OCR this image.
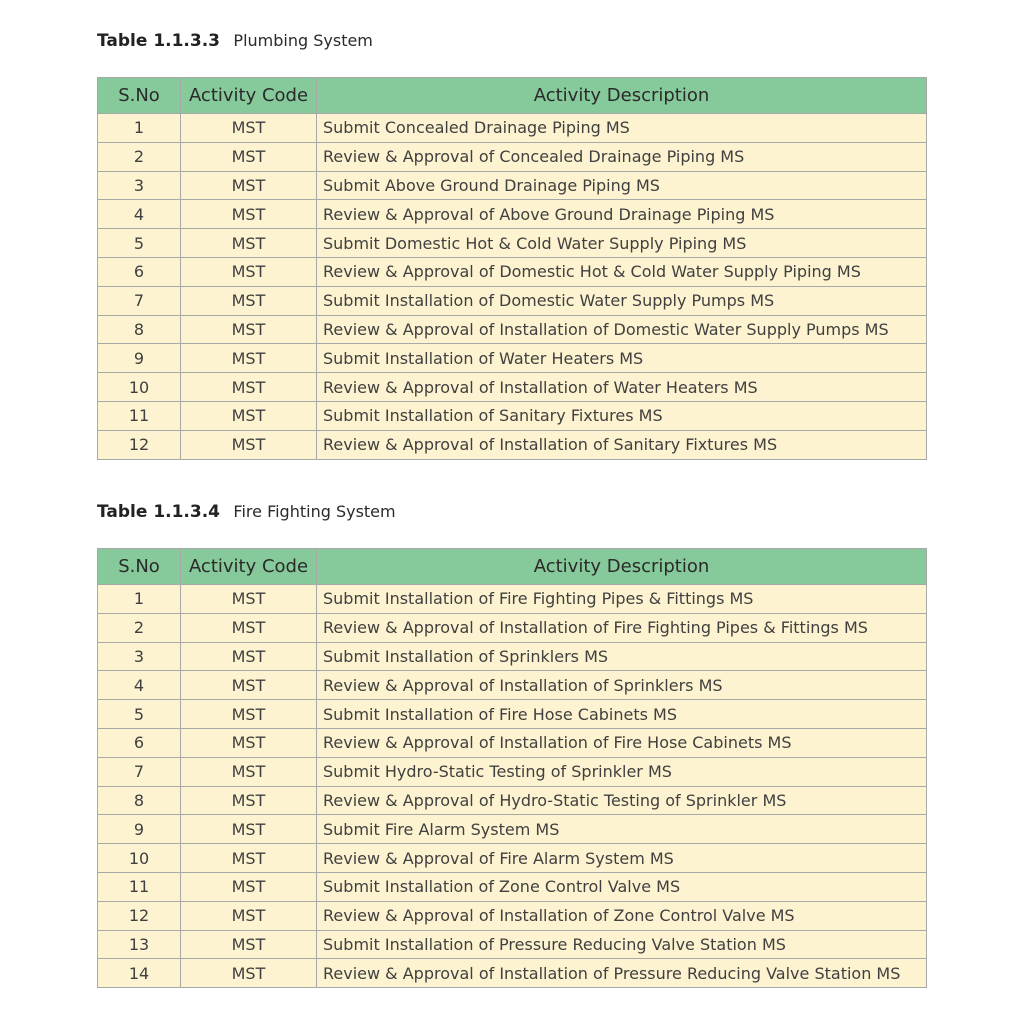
Table 1.1.3.3 Plumbing System
S.No	Activity Code	Activity Description
1	MST	Submit Concealed Drainage Piping MS
2	MST	Review & Approval of Concealed Drainage Piping MS
3	MST	Submit Above Ground Drainage Piping MS
4	MST	Review & Approval of Above Ground Drainage Piping MS
5	MST	Submit Domestic Hot & Cold Water Supply Piping MS
6	MST	Review & Approval of Domestic Hot & Cold Water Supply Piping MS
7	MST	Submit Installation of Domestic Water Supply Pumps MS
8	MST	Review & Approval of Installation of Domestic Water Supply Pumps MS
9	MST	Submit Installation of Water Heaters MS
10	MST	Review & Approval of Installation of Water Heaters MS
11	MST	Submit Installation of Sanitary Fixtures MS
12	MST	Review & Approval of Installation of Sanitary Fixtures MS
Table 1.1.3.4 Fire Fighting System
S.No	Activity Code	Activity Description
1	MST	Submit Installation of Fire Fighting Pipes & Fittings MS
2	MST	Review & Approval of Installation of Fire Fighting Pipes & Fittings MS
3	MST	Submit Installation of Sprinklers MS
4	MST	Review & Approval of Installation of Sprinklers MS
5	MST	Submit Installation of Fire Hose Cabinets MS
6	MST	Review & Approval of Installation of Fire Hose Cabinets MS
7	MST	Submit Hydro-Static Testing of Sprinkler MS
8	MST	Review & Approval of Hydro-Static Testing of Sprinkler MS
9	MST	Submit Fire Alarm System MS
10	MST	Review & Approval of Fire Alarm System MS
11	MST	Submit Installation of Zone Control Valve MS
12	MST	Review & Approval of Installation of Zone Control Valve MS
13	MST	Submit Installation of Pressure Reducing Valve Station MS
14	MST	Review & Approval of Installation of Pressure Reducing Valve Station MS
